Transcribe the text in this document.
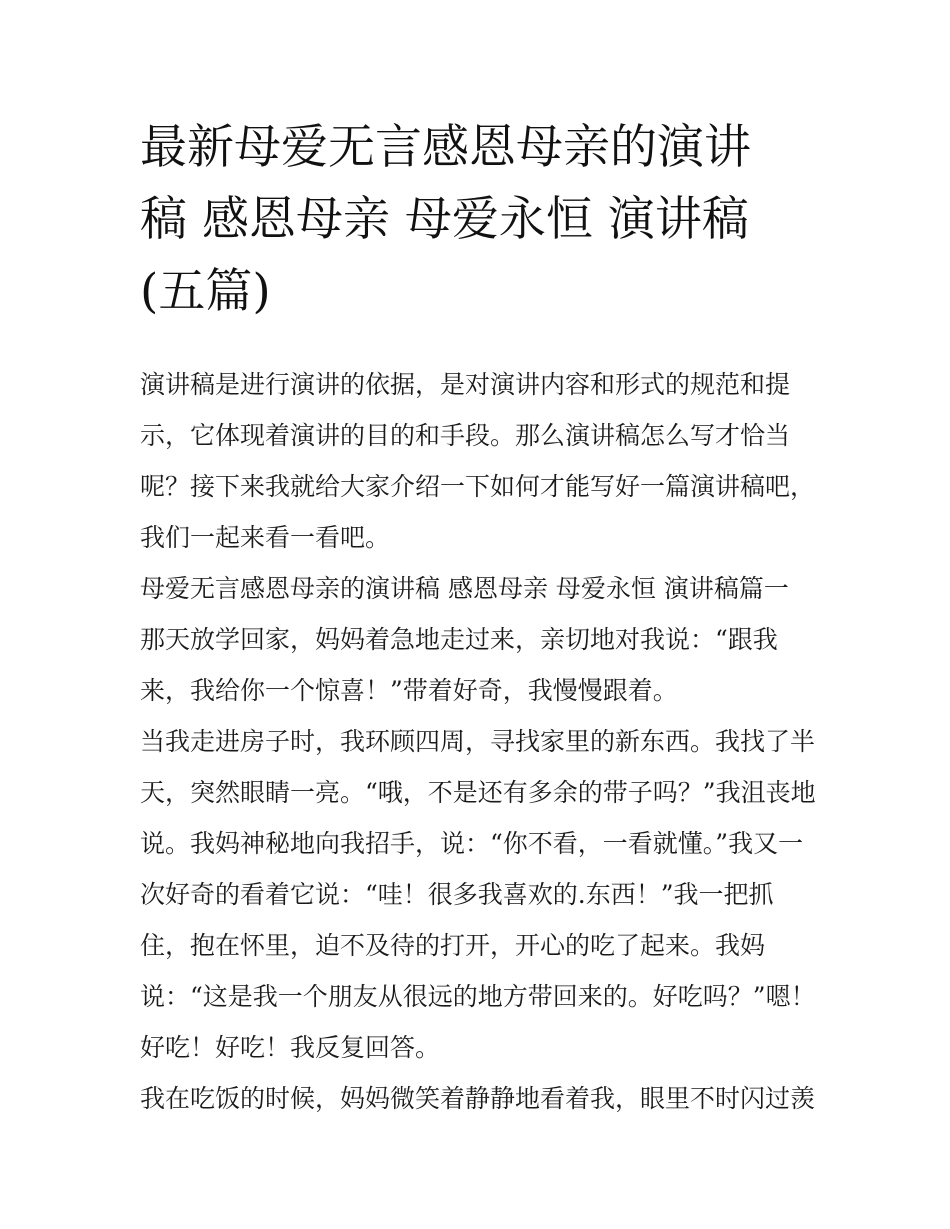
最新母爱无言感恩母亲的演讲
稿 感恩母亲 母爱永恒 演讲稿
(五篇)
演讲稿是进行演讲的依据，是对演讲内容和形式的规范和提
示，它体现着演讲的目的和手段。那么演讲稿怎么写才恰当
呢？接下来我就给大家介绍一下如何才能写好一篇演讲稿吧，
我们一起来看一看吧。
母爱无言感恩母亲的演讲稿 感恩母亲 母爱永恒 演讲稿篇一
那天放学回家，妈妈着急地走过来，亲切地对我说：“跟我
来，我给你一个惊喜！”带着好奇，我慢慢跟着。
当我走进房子时，我环顾四周，寻找家里的新东西。我找了半
天，突然眼睛一亮。“哦，不是还有多余的带子吗？”我沮丧地
说。我妈神秘地向我招手，说：“你不看，一看就懂。”我又一
次好奇的看着它说：“哇！很多我喜欢的.东西！”我一把抓
住，抱在怀里，迫不及待的打开，开心的吃了起来。我妈
说：“这是我一个朋友从很远的地方带回来的。好吃吗？”嗯！
好吃！好吃！我反复回答。
我在吃饭的时候，妈妈微笑着静静地看着我，眼里不时闪过羡
